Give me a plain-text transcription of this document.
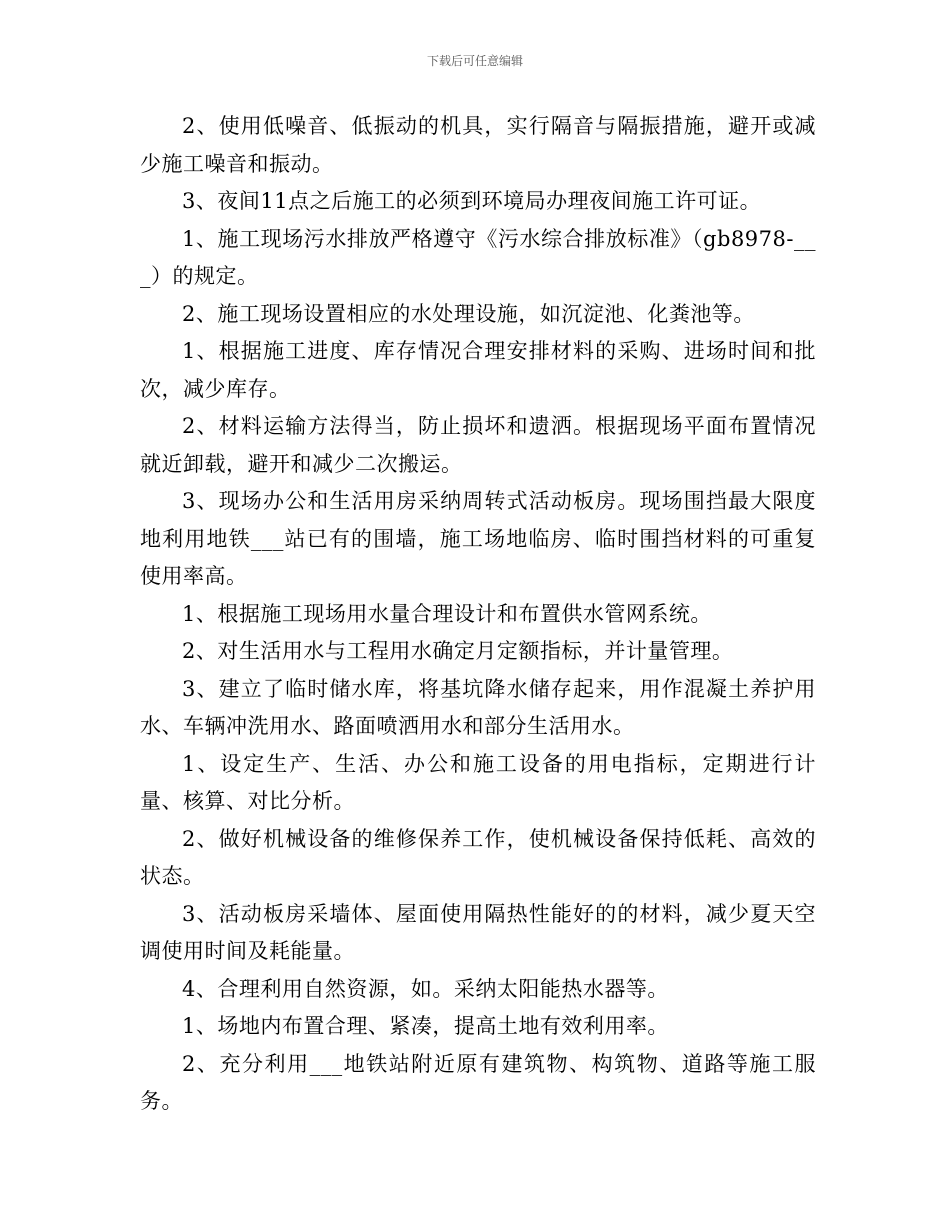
下载后可任意编辑

2、使用低噪音、低振动的机具，实行隔音与隔振措施，避开或减少施工噪音和振动。

3、夜间11点之后施工的必须到环境局办理夜间施工许可证。

1、施工现场污水排放严格遵守《污水综合排放标准》（gb8978-___）的规定。

2、施工现场设置相应的水处理设施，如沉淀池、化粪池等。

1、根据施工进度、库存情况合理安排材料的采购、进场时间和批次，减少库存。

2、材料运输方法得当，防止损坏和遗洒。根据现场平面布置情况就近卸载，避开和减少二次搬运。

3、现场办公和生活用房采纳周转式活动板房。现场围挡最大限度地利用地铁___站已有的围墙，施工场地临房、临时围挡材料的可重复使用率高。

1、根据施工现场用水量合理设计和布置供水管网系统。

2、对生活用水与工程用水确定月定额指标，并计量管理。

3、建立了临时储水库，将基坑降水储存起来，用作混凝土养护用水、车辆冲洗用水、路面喷洒用水和部分生活用水。

1、设定生产、生活、办公和施工设备的用电指标，定期进行计量、核算、对比分析。

2、做好机械设备的维修保养工作，使机械设备保持低耗、高效的状态。

3、活动板房采墙体、屋面使用隔热性能好的的材料，减少夏天空调使用时间及耗能量。

4、合理利用自然资源，如。采纳太阳能热水器等。

1、场地内布置合理、紧凑，提高土地有效利用率。

2、充分利用___地铁站附近原有建筑物、构筑物、道路等施工服务。
